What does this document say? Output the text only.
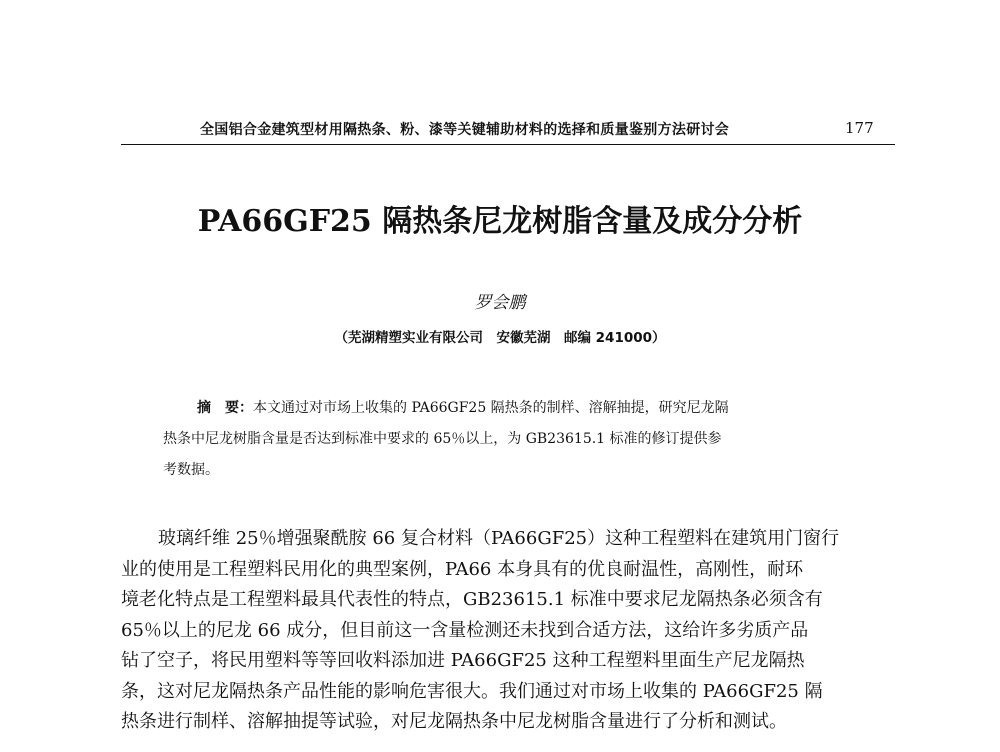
全国铝合金建筑型材用隔热条、粉、漆等关键辅助材料的选择和质量鉴别方法研讨会	177
PA66GF25 隔热条尼龙树脂含量及成分分析
罗会鹏
（芜湖精塑实业有限公司　安徽芜湖　邮编 241000）
摘　要：本文通过对市场上收集的 PA66GF25 隔热条的制样、溶解抽提，研究尼龙隔
热条中尼龙树脂含量是否达到标准中要求的 65％以上，为 GB23615.1 标准的修订提供参
考数据。
玻璃纤维 25％增强聚酰胺 66 复合材料（PA66GF25）这种工程塑料在建筑用门窗行
业的使用是工程塑料民用化的典型案例，PA66 本身具有的优良耐温性，高刚性，耐环
境老化特点是工程塑料最具代表性的特点，GB23615.1 标准中要求尼龙隔热条必须含有
65％以上的尼龙 66 成分，但目前这一含量检测还未找到合适方法，这给许多劣质产品
钻了空子，将民用塑料等等回收料添加进 PA66GF25 这种工程塑料里面生产尼龙隔热
条，这对尼龙隔热条产品性能的影响危害很大。我们通过对市场上收集的 PA66GF25 隔
热条进行制样、溶解抽提等试验，对尼龙隔热条中尼龙树脂含量进行了分析和测试。
